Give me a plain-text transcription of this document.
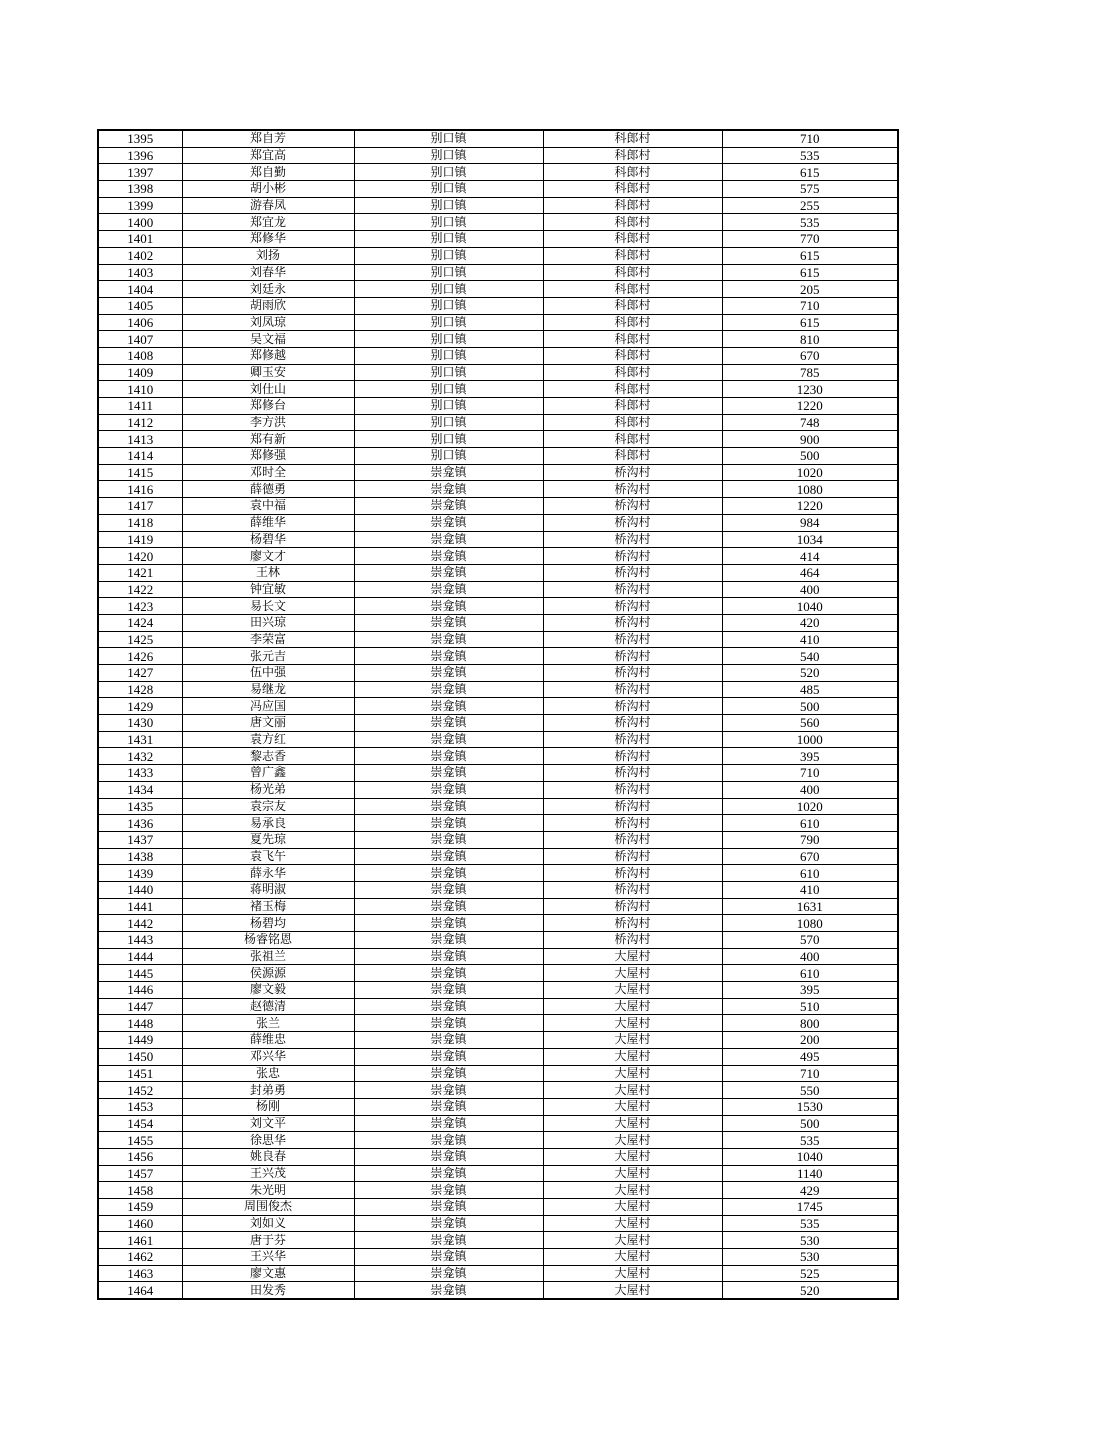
1395	郑自芳	别口镇	科郎村	710
1396	郑宜高	别口镇	科郎村	535
1397	郑自勤	别口镇	科郎村	615
1398	胡小彬	别口镇	科郎村	575
1399	游春凤	别口镇	科郎村	255
1400	郑宜龙	别口镇	科郎村	535
1401	郑修华	别口镇	科郎村	770
1402	刘扬	别口镇	科郎村	615
1403	刘春华	别口镇	科郎村	615
1404	刘廷永	别口镇	科郎村	205
1405	胡雨欣	别口镇	科郎村	710
1406	刘凤琼	别口镇	科郎村	615
1407	吴文福	别口镇	科郎村	810
1408	郑修越	别口镇	科郎村	670
1409	卿玉安	别口镇	科郎村	785
1410	刘仕山	别口镇	科郎村	1230
1411	郑修台	别口镇	科郎村	1220
1412	李方洪	别口镇	科郎村	748
1413	郑有新	别口镇	科郎村	900
1414	郑修强	别口镇	科郎村	500
1415	邓时全	崇龛镇	桥沟村	1020
1416	薛德勇	崇龛镇	桥沟村	1080
1417	袁中福	崇龛镇	桥沟村	1220
1418	薛维华	崇龛镇	桥沟村	984
1419	杨碧华	崇龛镇	桥沟村	1034
1420	廖文才	崇龛镇	桥沟村	414
1421	王林	崇龛镇	桥沟村	464
1422	钟宜敏	崇龛镇	桥沟村	400
1423	易长文	崇龛镇	桥沟村	1040
1424	田兴琼	崇龛镇	桥沟村	420
1425	李荣富	崇龛镇	桥沟村	410
1426	张元吉	崇龛镇	桥沟村	540
1427	伍中强	崇龛镇	桥沟村	520
1428	易继龙	崇龛镇	桥沟村	485
1429	冯应国	崇龛镇	桥沟村	500
1430	唐文丽	崇龛镇	桥沟村	560
1431	袁方红	崇龛镇	桥沟村	1000
1432	黎志香	崇龛镇	桥沟村	395
1433	曾广鑫	崇龛镇	桥沟村	710
1434	杨光弟	崇龛镇	桥沟村	400
1435	袁宗友	崇龛镇	桥沟村	1020
1436	易承良	崇龛镇	桥沟村	610
1437	夏先琼	崇龛镇	桥沟村	790
1438	袁飞午	崇龛镇	桥沟村	670
1439	薛永华	崇龛镇	桥沟村	610
1440	蒋明淑	崇龛镇	桥沟村	410
1441	褚玉梅	崇龛镇	桥沟村	1631
1442	杨碧均	崇龛镇	桥沟村	1080
1443	杨睿铭恩	崇龛镇	桥沟村	570
1444	张祖兰	崇龛镇	大屋村	400
1445	侯源源	崇龛镇	大屋村	610
1446	廖文毅	崇龛镇	大屋村	395
1447	赵德清	崇龛镇	大屋村	510
1448	张兰	崇龛镇	大屋村	800
1449	薛维忠	崇龛镇	大屋村	200
1450	邓兴华	崇龛镇	大屋村	495
1451	张忠	崇龛镇	大屋村	710
1452	封弟勇	崇龛镇	大屋村	550
1453	杨刚	崇龛镇	大屋村	1530
1454	刘文平	崇龛镇	大屋村	500
1455	徐思华	崇龛镇	大屋村	535
1456	姚良春	崇龛镇	大屋村	1040
1457	王兴茂	崇龛镇	大屋村	1140
1458	朱光明	崇龛镇	大屋村	429
1459	周围俊杰	崇龛镇	大屋村	1745
1460	刘如义	崇龛镇	大屋村	535
1461	唐于芬	崇龛镇	大屋村	530
1462	王兴华	崇龛镇	大屋村	530
1463	廖文惠	崇龛镇	大屋村	525
1464	田发秀	崇龛镇	大屋村	520
